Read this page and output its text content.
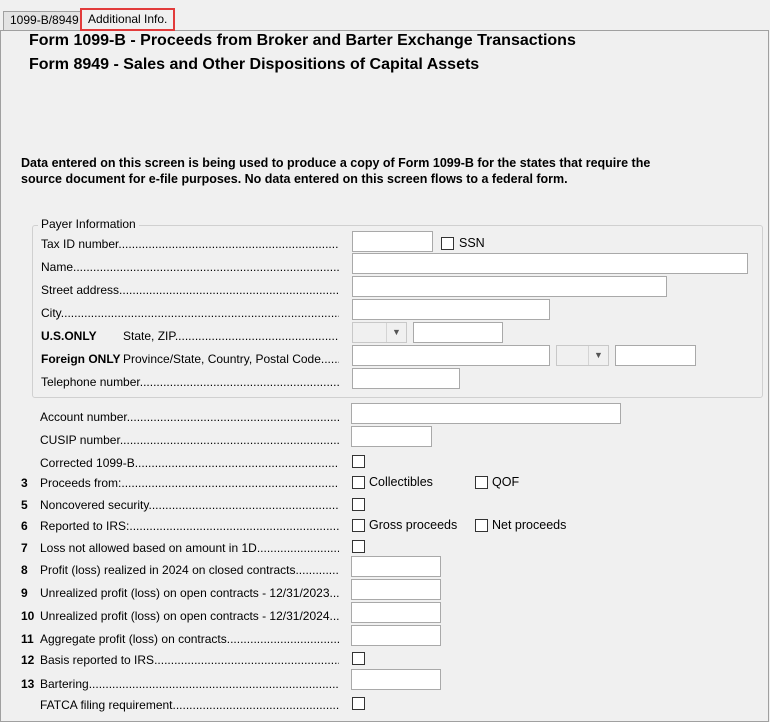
1099-B/8949 Additional Info.
Form 1099-B - Proceeds from Broker and Barter Exchange Transactions
Form 8949 - Sales and Other Dispositions of Capital Assets
Data entered on this screen is being used to produce a copy of Form 1099-B for the states that require the
source document for e-file purposes. No data entered on this screen flows to a federal form.
Payer Information
Tax ID number .....	SSN
Name .....
Street address .....
City .....
U.S.ONLY State, ZIP .....	▼
Foreign ONLY Province/State, Country, Postal Code .....	▼
Telephone number .....
Account number .....
CUSIP number .....
Corrected 1099-B .....
3 Proceeds from: .....	Collectibles	QOF
5 Noncovered security .....
6 Reported to IRS: .....	Gross proceeds	Net proceeds
7 Loss not allowed based on amount in 1D .....
8 Profit (loss) realized in 2024 on closed contracts .....
9 Unrealized profit (loss) on open contracts - 12/31/2023 .....
10 Unrealized profit (loss) on open contracts - 12/31/2024 .....
11 Aggregate profit (loss) on contracts .....
12 Basis reported to IRS .....
13 Bartering .....
FATCA filing requirement .....
